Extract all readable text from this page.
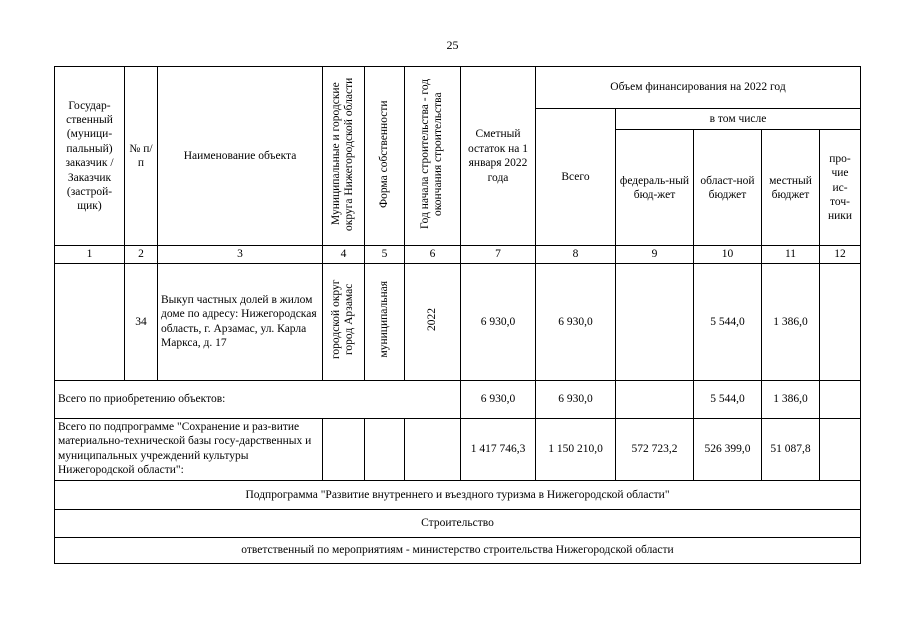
25
Государ-ственный (муници-пальный) заказчик / Заказчик (застрой-щик)	№ п/п	Наименование объекта	Муниципальные и городские округа Нижегородской области	Форма собственности	Год начала строительства - год окончания строительства	Сметный остаток на 1 января 2022 года	Объем финансирования на 2022 год				
							Всего	в том числе			
								федераль-ный бюд-жет	област-ной бюджет	местный бюджет	про-чие ис-точ-ники
1	2	3	4	5	6	7	8	9	10	11	12
	34	Выкуп частных долей в жилом доме по адресу: Нижегородская область, г. Арзамас, ул. Карла Маркса, д. 17	городской округ город Арзамас	муниципальная	2022	6 930,0	6 930,0		5 544,0	1 386,0	
Всего по приобретению объектов:						6 930,0	6 930,0		5 544,0	1 386,0	
Всего по подпрограмме "Сохранение и раз-витие материально-технической базы госу-дарственных и муниципальных учреждений культуры Нижегородской области":						1 417 746,3	1 150 210,0	572 723,2	526 399,0	51 087,8	
Подпрограмма "Развитие внутреннего и въездного туризма в Нижегородской области"											
Строительство											
ответственный по мероприятиям - министерство строительства Нижегородской области											
